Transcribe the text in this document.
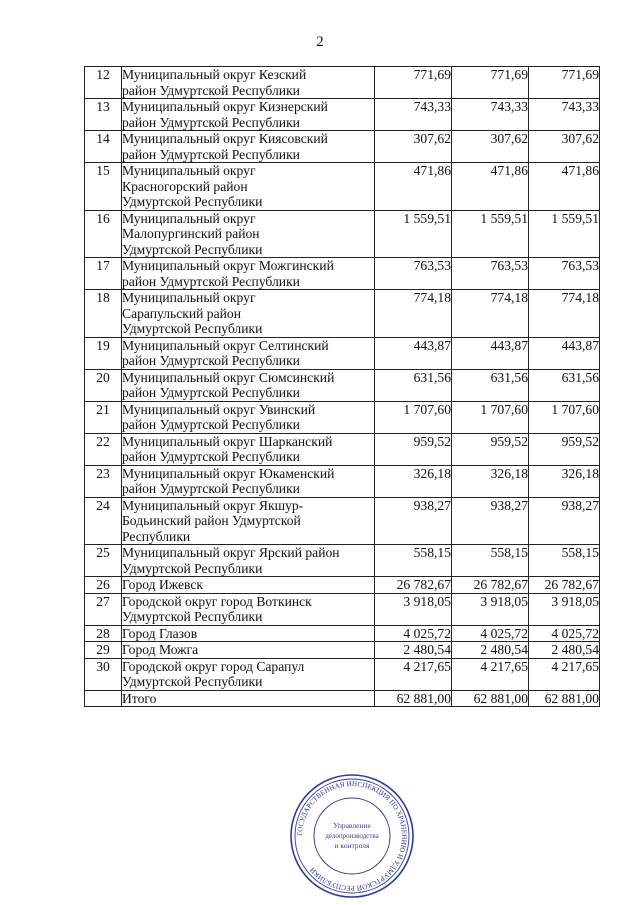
2
12	Муниципальный округ Кезский
район Удмуртской Республики	771,69	771,69	771,69
13	Муниципальный округ Кизнерский
район Удмуртской Республики	743,33	743,33	743,33
14	Муниципальный округ Киясовский
район Удмуртской Республики	307,62	307,62	307,62
15	Муниципальный округ
Красногорский район
Удмуртской Республики	471,86	471,86	471,86
16	Муниципальный округ
Малопургинский район
Удмуртской Республики	1 559,51	1 559,51	1 559,51
17	Муниципальный округ Можгинский
район Удмуртской Республики	763,53	763,53	763,53
18	Муниципальный округ
Сарапульский район
Удмуртской Республики	774,18	774,18	774,18
19	Муниципальный округ Селтинский
район Удмуртской Республики	443,87	443,87	443,87
20	Муниципальный округ Сюмсинский
район Удмуртской Республики	631,56	631,56	631,56
21	Муниципальный округ Увинский
район Удмуртской Республики	1 707,60	1 707,60	1 707,60
22	Муниципальный округ Шарканский
район Удмуртской Республики	959,52	959,52	959,52
23	Муниципальный округ Юкаменский
район Удмуртской Республики	326,18	326,18	326,18
24	Муниципальный округ Якшур-
Бодьинский район Удмуртской
Республики	938,27	938,27	938,27
25	Муниципальный округ Ярский район
Удмуртской Республики	558,15	558,15	558,15
26	Город Ижевск	26 782,67	26 782,67	26 782,67
27	Городской округ город Воткинск
Удмуртской Республики	3 918,05	3 918,05	3 918,05
28	Город Глазов	4 025,72	4 025,72	4 025,72
29	Город Можга	2 480,54	2 480,54	2 480,54
30	Городской округ город Сарапул
Удмуртской Республики	4 217,65	4 217,65	4 217,65
	Итого	62 881,00	62 881,00	62 881,00
ГОСУДАРСТВЕННАЯ ИНСПЕКЦИЯ ПО ХРАНЕНИЮ И УДМУРТСКОЙ РЕСПУБЛИКИ
Управление
делопроизводства
и контроля
